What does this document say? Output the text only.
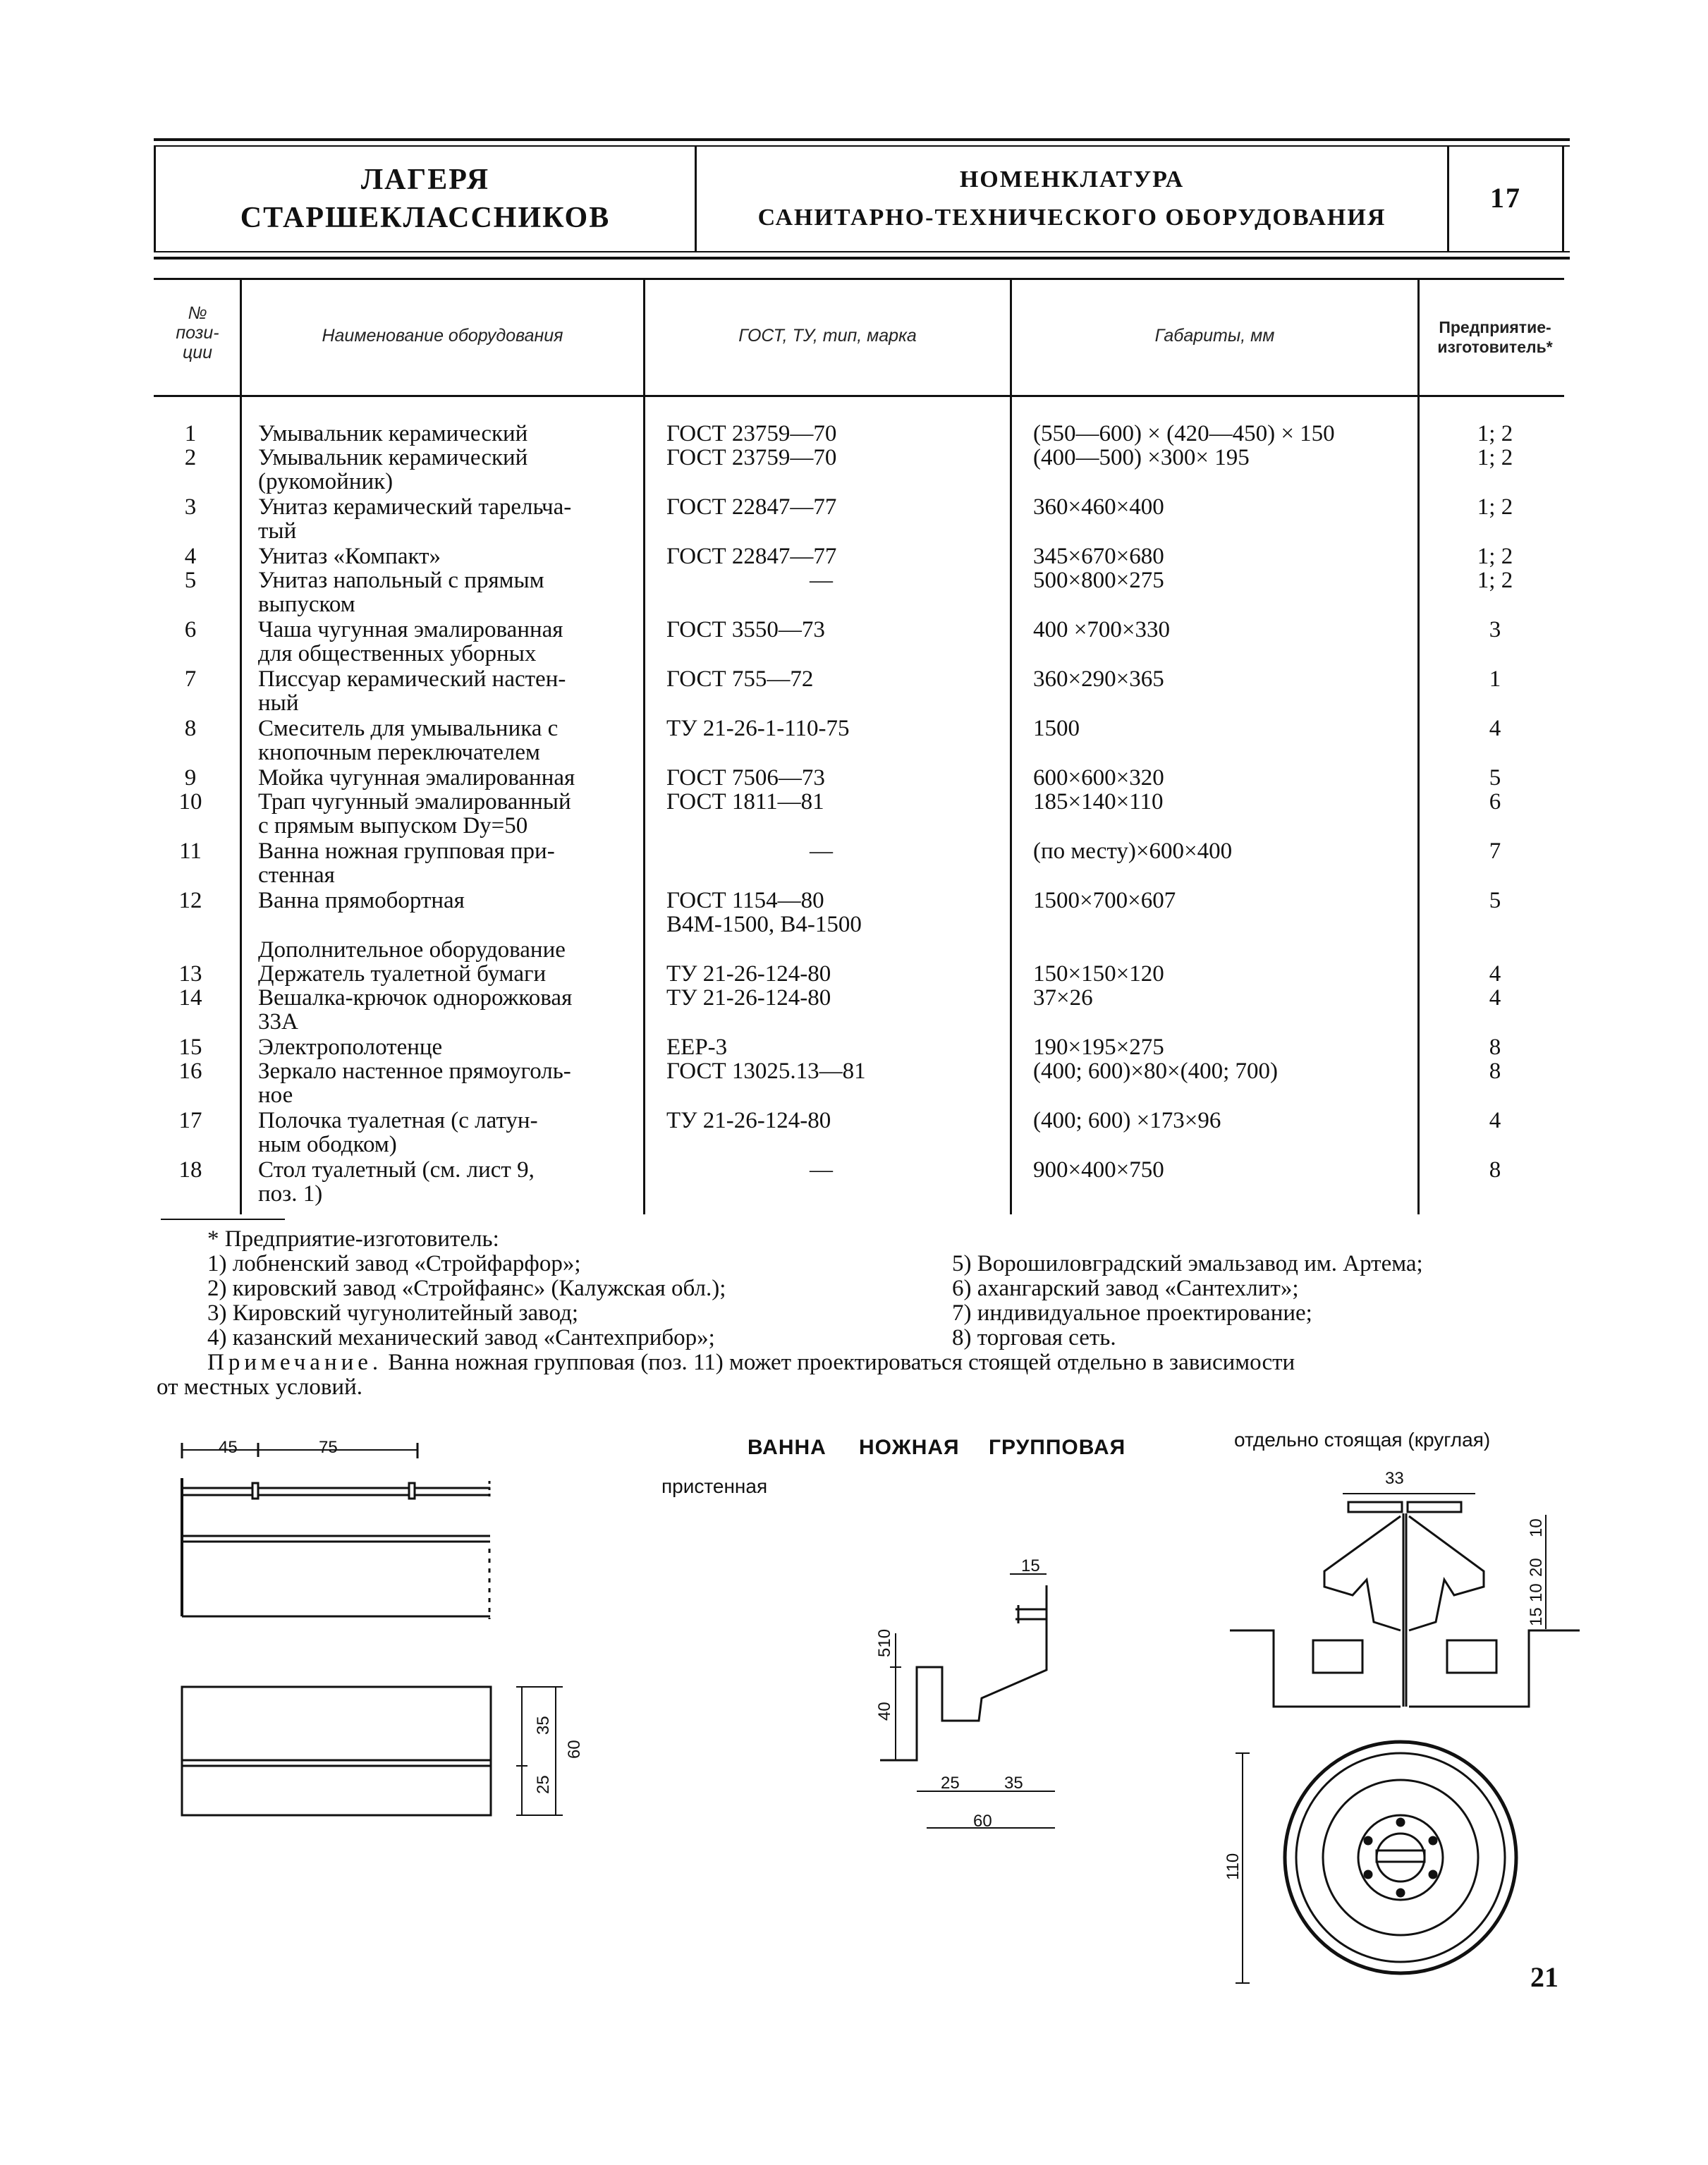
ЛАГЕРЯ
СТАРШЕКЛАССНИКОВ
НОМЕНКЛАТУРА
САНИТАРНО-ТЕХНИЧЕСКОГО ОБОРУДОВАНИЯ
17
№
пози-
ции
Наименование оборудования	ГОСТ, ТУ, тип, марка	Габариты, мм	Предприятие-
изготовитель*
1	Умывальник керамический	ГОСТ 23759—70	(550—600) × (420—450) × 150	1; 2
2	Умывальник керамический
(рукомойник)
ГОСТ 23759—70	(400—500) ×300× 195	1; 2
3	Унитаз керамический тарельча-
тый
ГОСТ 22847—77	360×460×400	1; 2
4	Унитаз «Компакт»	ГОСТ 22847—77	345×670×680	1; 2
5	Унитаз напольный с прямым
выпуском
—	500×800×275	1; 2
6	Чаша чугунная эмалированная
для общественных уборных
ГОСТ 3550—73	400 ×700×330	3
7	Писсуар керамический настен-
ный
ГОСТ 755—72	360×290×365	1
8	Смеситель для умывальника с
кнопочным переключателем
ТУ 21-26-1-110-75	1500	4
9	Мойка чугунная эмалированная	ГОСТ 7506—73	600×600×320	5
10	Трап чугунный эмалированный
с прямым выпуском Dу=50
ГОСТ 1811—81	185×140×110	6
11	Ванна ножная групповая при-
стенная
—	(по месту)×600×400	7
12	Ванна прямобортная	ГОСТ 1154—80
В4М-1500, В4-1500
1500×700×607	5
Дополнительное оборудование
13	Держатель туалетной бумаги	ТУ 21-26-124-80	150×150×120	4
14	Вешалка-крючок однорожковая
33А
ТУ 21-26-124-80	37×26	4
15	Электрополотенце	ЕЕР-3	190×195×275	8
16	Зеркало настенное прямоуголь-
ное
ГОСТ 13025.13—81	(400; 600)×80×(400; 700)	8
17	Полочка туалетная (с латун-
ным ободком)
ТУ 21-26-124-80	(400; 600) ×173×96	4
18	Стол туалетный (см. лист 9,
поз. 1)
—	900×400×750	8
* Предприятие-изготовитель:
1) лобненский завод «Стройфарфор»;
2) кировский завод «Стройфаянс» (Калужская обл.);
3) Кировский чугунолитейный завод;
4) казанский механический завод «Сантехприбор»;
5) Ворошиловградский эмальзавод им. Артема;
6) ахангарский завод «Сантехлит»;
7) индивидуальное проектирование;
8) торговая сеть.
Примечание. Ванна ножная групповая (поз. 11) может проектироваться стоящей отдельно в зависимости
от местных условий.
ВАННА НОЖНАЯ ГРУППОВАЯ
пристенная
отдельно стоящая (круглая)
45	75
35
25
60
15
510
40
25	35
60
33
10
20
10
15
110
21
